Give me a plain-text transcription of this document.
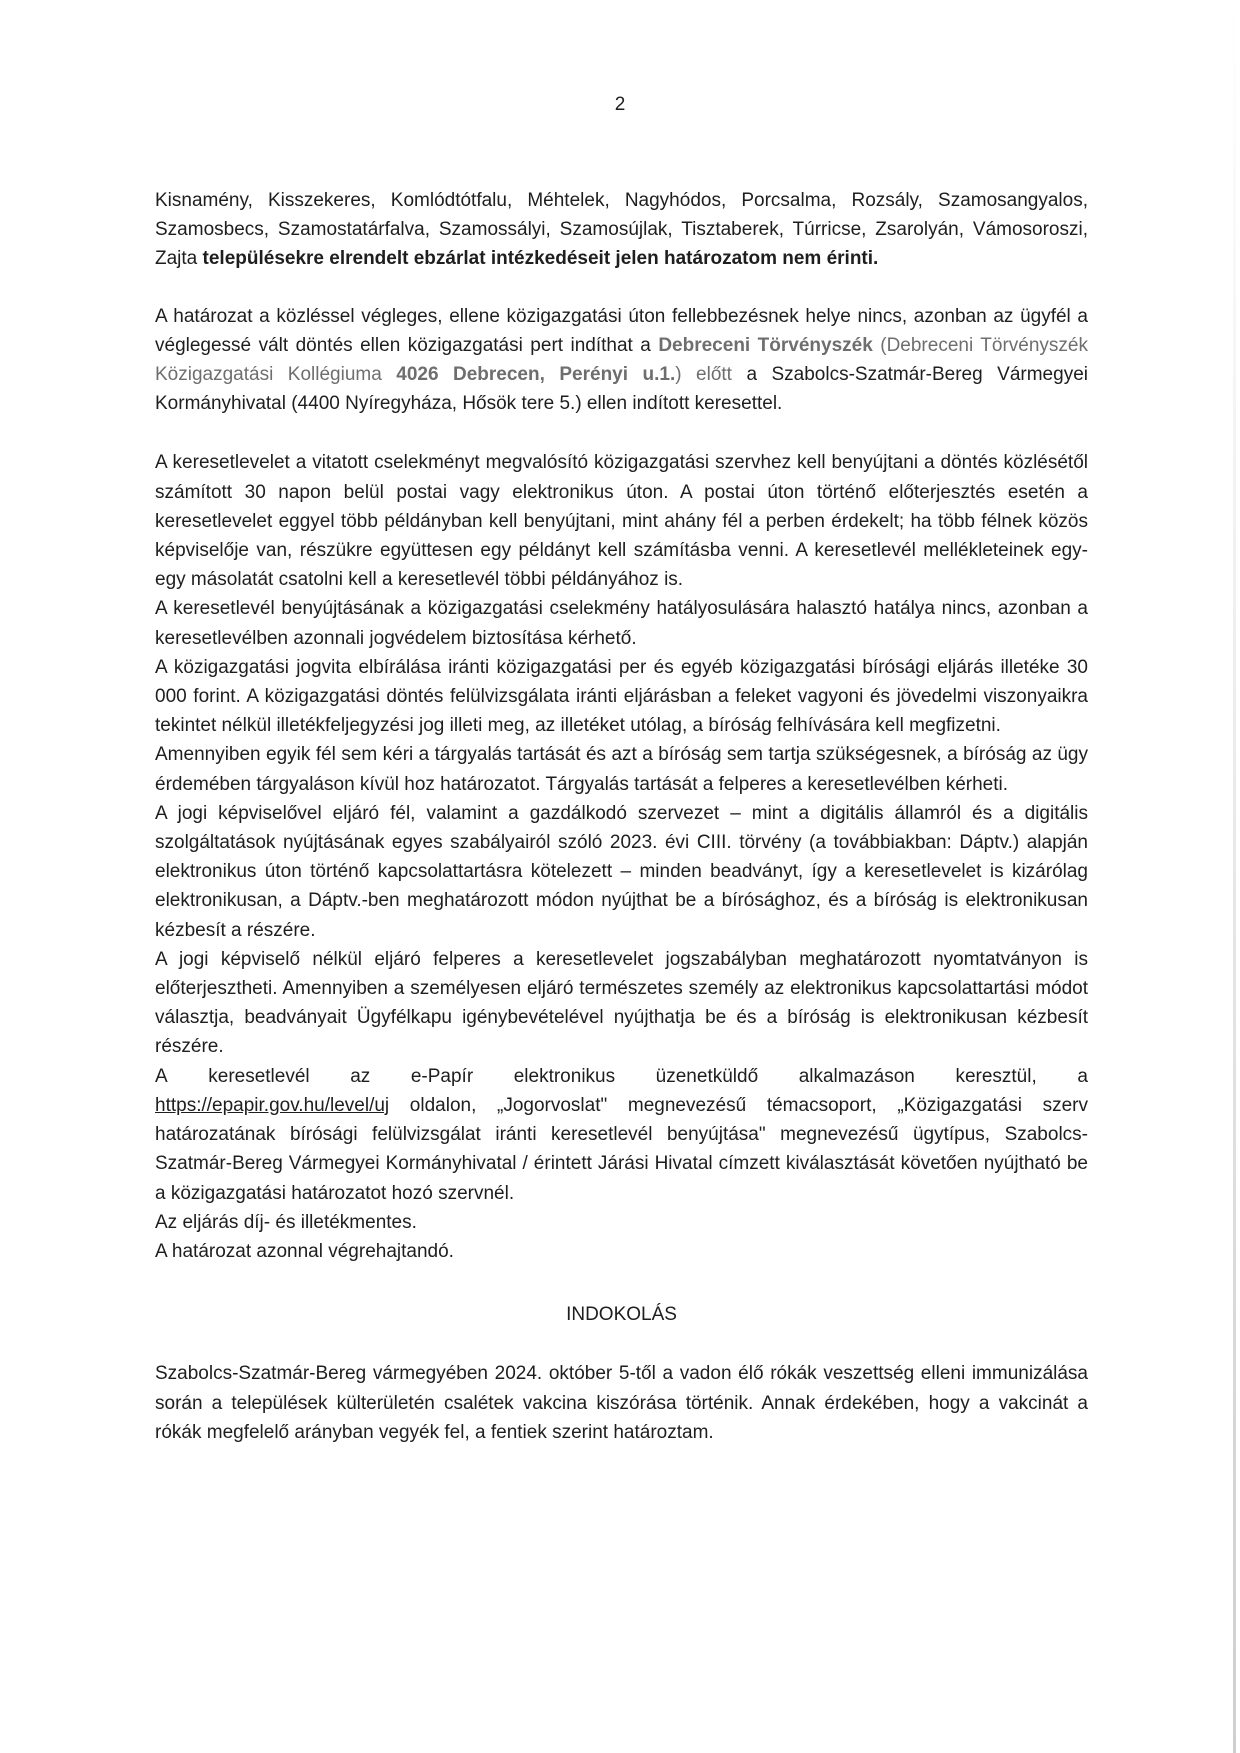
2

Kisnamény, Kisszekeres, Komlódtótfalu, Méhtelek, Nagyhódos, Porcsalma, Rozsály, Szamosangyalos, Szamosbecs, Szamostatárfalva, Szamossályi, Szamosújlak, Tisztaberek, Túrricse, Zsarolyán, Vámosoroszi, Zajta településekre elrendelt ebzárlat intézkedéseit jelen határozatom nem érinti.

A határozat a közléssel végleges, ellene közigazgatási úton fellebbezésnek helye nincs, azonban az ügyfél a véglegessé vált döntés ellen közigazgatási pert indíthat a Debreceni Törvényszék (Debreceni Törvényszék Közigazgatási Kollégiuma 4026 Debrecen, Perényi u.1.) előtt a Szabolcs-Szatmár-Bereg Vármegyei Kormányhivatal (4400 Nyíregyháza, Hősök tere 5.) ellen indított keresettel.

A keresetlevelet a vitatott cselekményt megvalósító közigazgatási szervhez kell benyújtani a döntés közlésétől számított 30 napon belül postai vagy elektronikus úton. A postai úton történő előterjesztés esetén a keresetlevelet eggyel több példányban kell benyújtani, mint ahány fél a perben érdekelt; ha több félnek közös képviselője van, részükre együttesen egy példányt kell számításba venni. A keresetlevél mellékleteinek egy-egy másolatát csatolni kell a keresetlevél többi példányához is.

A keresetlevél benyújtásának a közigazgatási cselekmény hatályosulására halasztó hatálya nincs, azonban a keresetlevélben azonnali jogvédelem biztosítása kérhető.

A közigazgatási jogvita elbírálása iránti közigazgatási per és egyéb közigazgatási bírósági eljárás illetéke 30 000 forint. A közigazgatási döntés felülvizsgálata iránti eljárásban a feleket vagyoni és jövedelmi viszonyaikra tekintet nélkül illetékfeljegyzési jog illeti meg, az illetéket utólag, a bíróság felhívására kell megfizetni.

Amennyiben egyik fél sem kéri a tárgyalás tartását és azt a bíróság sem tartja szükségesnek, a bíróság az ügy érdemében tárgyaláson kívül hoz határozatot. Tárgyalás tartását a felperes a keresetlevélben kérheti.

A jogi képviselővel eljáró fél, valamint a gazdálkodó szervezet – mint a digitális államról és a digitális szolgáltatások nyújtásának egyes szabályairól szóló 2023. évi CIII. törvény (a továbbiakban: Dáptv.) alapján elektronikus úton történő kapcsolattartásra kötelezett – minden beadványt, így a keresetlevelet is kizárólag elektronikusan, a Dáptv.-ben meghatározott módon nyújthat be a bírósághoz, és a bíróság is elektronikusan kézbesít a részére.

A jogi képviselő nélkül eljáró felperes a keresetlevelet jogszabályban meghatározott nyomtatványon is előterjesztheti. Amennyiben a személyesen eljáró természetes személy az elektronikus kapcsolattartási módot választja, beadványait Ügyfélkapu igénybevételével nyújthatja be és a bíróság is elektronikusan kézbesít részére.

A keresetlevél az e-Papír elektronikus üzenetküldő alkalmazáson keresztül, a

https://epapir.gov.hu/level/uj oldalon, „Jogorvoslat" megnevezésű témacsoport, „Közigazgatási szerv határozatának bírósági felülvizsgálat iránti keresetlevél benyújtása" megnevezésű ügytípus, Szabolcs-Szatmár-Bereg Vármegyei Kormányhivatal / érintett Járási Hivatal címzett kiválasztását követően nyújtható be a közigazgatási határozatot hozó szervnél.

Az eljárás díj- és illetékmentes.

A határozat azonnal végrehajtandó.

INDOKOLÁS

Szabolcs-Szatmár-Bereg vármegyében 2024. október 5-től a vadon élő rókák veszettség elleni immunizálása során a települések külterületén csalétek vakcina kiszórása történik. Annak érdekében, hogy a vakcinát a rókák megfelelő arányban vegyék fel, a fentiek szerint határoztam.
